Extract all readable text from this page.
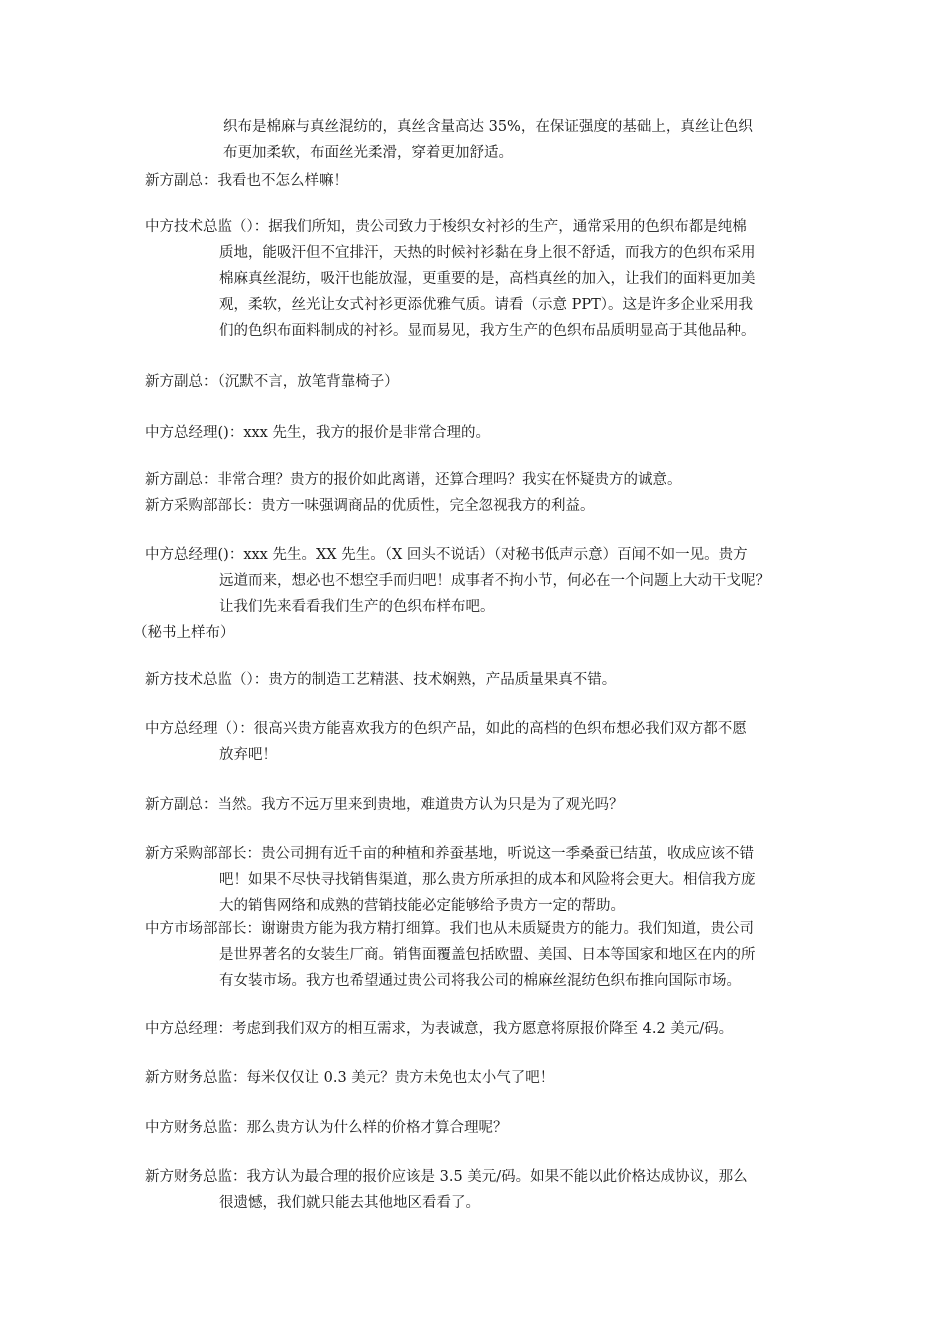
织布是棉麻与真丝混纺的，真丝含量高达 35%，在保证强度的基础上，真丝让色织
布更加柔软，布面丝光柔滑，穿着更加舒适。
新方副总：我看也不怎么样嘛！
中方技术总监（）：据我们所知，贵公司致力于梭织女衬衫的生产，通常采用的色织布都是纯棉
质地，能吸汗但不宜排汗，天热的时候衬衫黏在身上很不舒适，而我方的色织布采用
棉麻真丝混纺，吸汗也能放湿，更重要的是，高档真丝的加入，让我们的面料更加美
观，柔软，丝光让女式衬衫更添优雅气质。请看（示意 PPT）。这是许多企业采用我
们的色织布面料制成的衬衫。显而易见，我方生产的色织布品质明显高于其他品种。
新方副总：（沉默不言，放笔背靠椅子）
中方总经理()：xxx 先生，我方的报价是非常合理的。
新方副总：非常合理？贵方的报价如此离谱，还算合理吗？我实在怀疑贵方的诚意。
新方采购部部长：贵方一味强调商品的优质性，完全忽视我方的利益。
中方总经理()：xxx 先生。XX 先生。（X 回头不说话）（对秘书低声示意）百闻不如一见。贵方
远道而来，想必也不想空手而归吧！成事者不拘小节，何必在一个问题上大动干戈呢？
让我们先来看看我们生产的色织布样布吧。
（秘书上样布）
新方技术总监（）：贵方的制造工艺精湛、技术娴熟，产品质量果真不错。
中方总经理（）：很高兴贵方能喜欢我方的色织产品，如此的高档的色织布想必我们双方都不愿
放弃吧！
新方副总：当然。我方不远万里来到贵地，难道贵方认为只是为了观光吗？
新方采购部部长：贵公司拥有近千亩的种植和养蚕基地，听说这一季桑蚕已结茧，收成应该不错
吧！如果不尽快寻找销售渠道，那么贵方所承担的成本和风险将会更大。相信我方庞
大的销售网络和成熟的营销技能必定能够给予贵方一定的帮助。
中方市场部部长：谢谢贵方能为我方精打细算。我们也从未质疑贵方的能力。我们知道，贵公司
是世界著名的女装生厂商。销售面覆盖包括欧盟、美国、日本等国家和地区在内的所
有女装市场。我方也希望通过贵公司将我公司的棉麻丝混纺色织布推向国际市场。
中方总经理：考虑到我们双方的相互需求，为表诚意，我方愿意将原报价降至 4.2 美元/码。
新方财务总监：每米仅仅让 0.3 美元？贵方未免也太小气了吧！
中方财务总监：那么贵方认为什么样的价格才算合理呢？
新方财务总监：我方认为最合理的报价应该是 3.5 美元/码。如果不能以此价格达成协议，那么
很遗憾，我们就只能去其他地区看看了。
